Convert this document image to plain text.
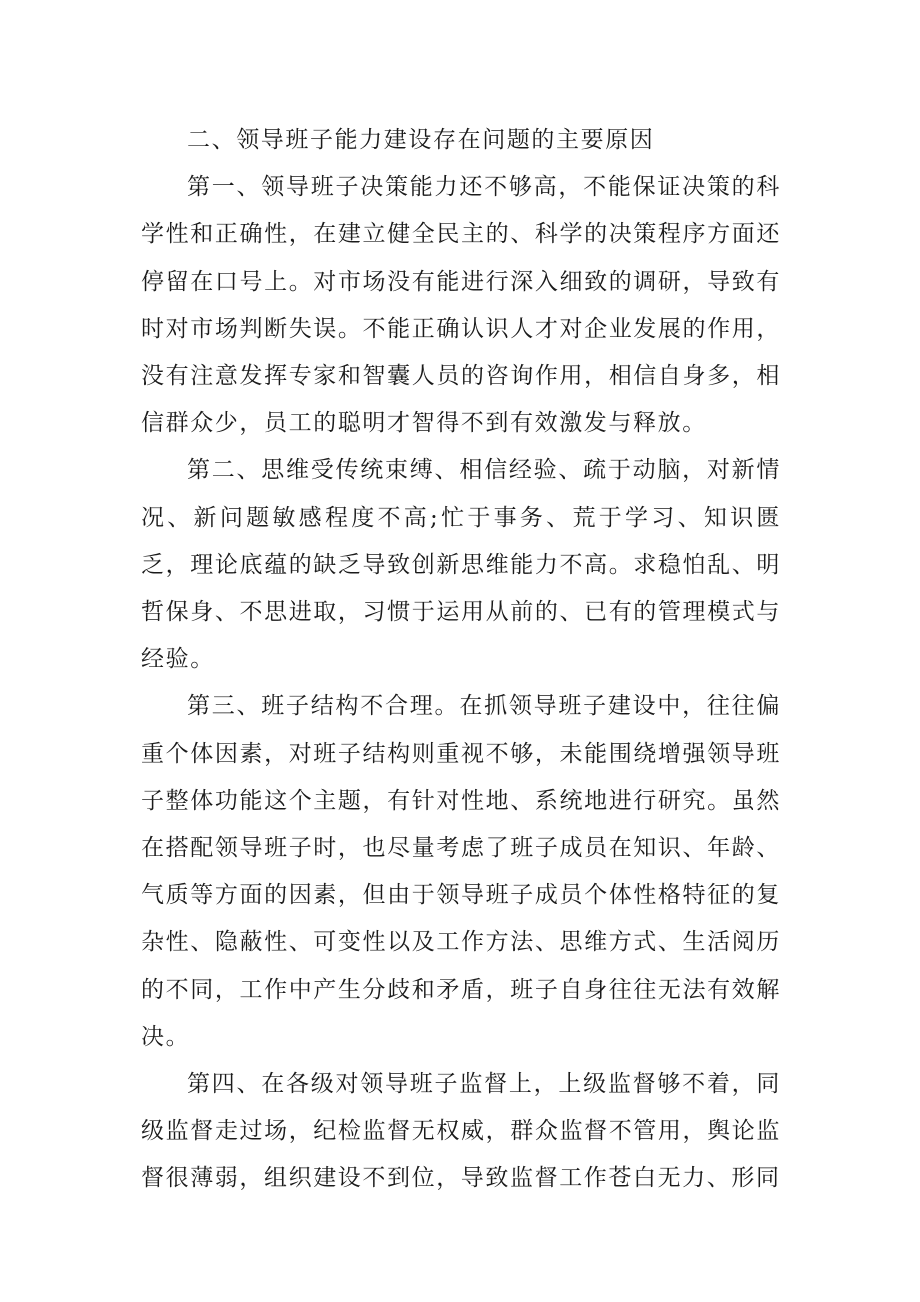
二、领导班子能力建设存在问题的主要原因

第一、领导班子决策能力还不够高，不能保证决策的科学性和正确性，在建立健全民主的、科学的决策程序方面还停留在口号上。对市场没有能进行深入细致的调研，导致有时对市场判断失误。不能正确认识人才对企业发展的作用，没有注意发挥专家和智囊人员的咨询作用，相信自身多，相信群众少，员工的聪明才智得不到有效激发与释放。

第二、思维受传统束缚、相信经验、疏于动脑，对新情况、新问题敏感程度不高;忙于事务、荒于学习、知识匮乏，理论底蕴的缺乏导致创新思维能力不高。求稳怕乱、明哲保身、不思进取，习惯于运用从前的、已有的管理模式与经验。

第三、班子结构不合理。在抓领导班子建设中，往往偏重个体因素，对班子结构则重视不够，未能围绕增强领导班子整体功能这个主题，有针对性地、系统地进行研究。虽然在搭配领导班子时，也尽量考虑了班子成员在知识、年龄、气质等方面的因素，但由于领导班子成员个体性格特征的复杂性、隐蔽性、可变性以及工作方法、思维方式、生活阅历的不同，工作中产生分歧和矛盾，班子自身往往无法有效解决。

第四、在各级对领导班子监督上，上级监督够不着，同级监督走过场，纪检监督无权威，群众监督不管用，舆论监督很薄弱，组织建设不到位，导致监督工作苍白无力、形同
